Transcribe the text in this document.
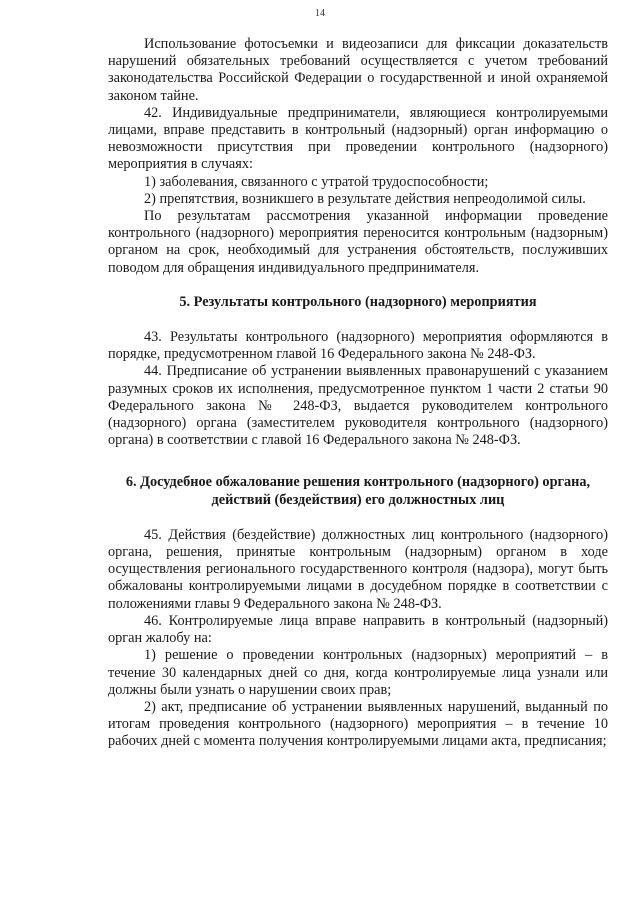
14

Использование фотосъемки и видеозаписи для фиксации доказательств нарушений обязательных требований осуществляется с учетом требований законодательства Российской Федерации о государственной и иной охраняемой законом тайне.

42. Индивидуальные предприниматели, являющиеся контролируемыми лицами, вправе представить в контрольный (надзорный) орган информацию о невозможности присутствия при проведении контрольного (надзорного) мероприятия в случаях:

1) заболевания, связанного с утратой трудоспособности;

2) препятствия, возникшего в результате действия непреодолимой силы.

По результатам рассмотрения указанной информации проведение контрольного (надзорного) мероприятия переносится контрольным (надзорным) органом на срок, необходимый для устранения обстоятельств, послуживших поводом для обращения индивидуального предпринимателя.

5. Результаты контрольного (надзорного) мероприятия

43. Результаты контрольного (надзорного) мероприятия оформляются в порядке, предусмотренном главой 16 Федерального закона № 248-ФЗ.

44. Предписание об устранении выявленных правонарушений с указанием разумных сроков их исполнения, предусмотренное пунктом 1 части 2 статьи 90 Федерального закона № 248-ФЗ, выдается руководителем контрольного (надзорного) органа (заместителем руководителя контрольного (надзорного) органа) в соответствии с главой 16 Федерального закона № 248-ФЗ.

6. Досудебное обжалование решения контрольного (надзорного) органа, действий (бездействия) его должностных лиц

45. Действия (бездействие) должностных лиц контрольного (надзорного) органа, решения, принятые контрольным (надзорным) органом в ходе осуществления регионального государственного контроля (надзора), могут быть обжалованы контролируемыми лицами в досудебном порядке в соответствии с положениями главы 9 Федерального закона № 248-ФЗ.

46. Контролируемые лица вправе направить в контрольный (надзорный) орган жалобу на:

1) решение о проведении контрольных (надзорных) мероприятий – в течение 30 календарных дней со дня, когда контролируемые лица узнали или должны были узнать о нарушении своих прав;

2) акт, предписание об устранении выявленных нарушений, выданный по итогам проведения контрольного (надзорного) мероприятия – в течение 10 рабочих дней с момента получения контролируемыми лицами акта, предписания;
